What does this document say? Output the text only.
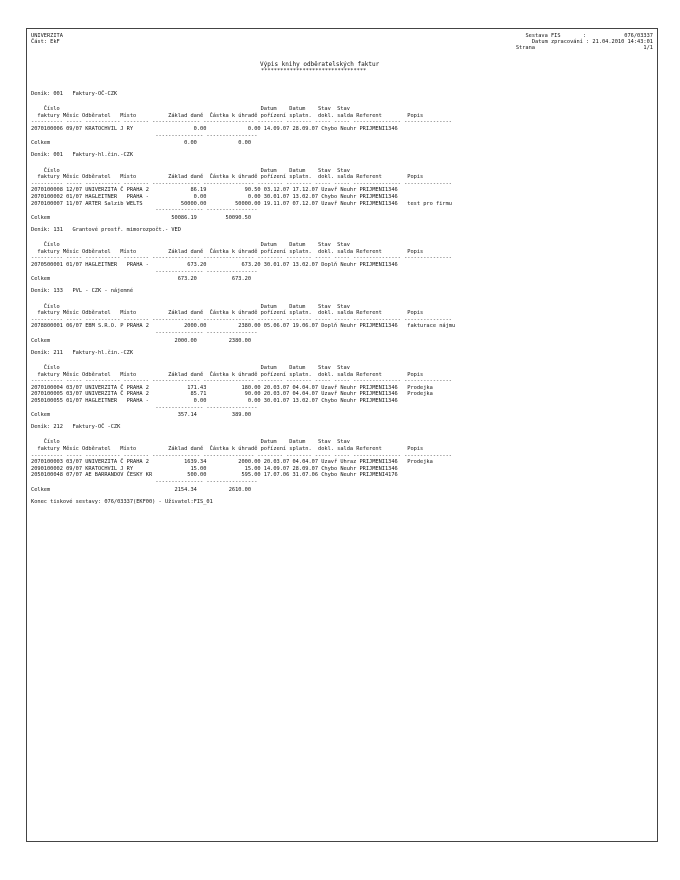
UNIVERZITA
Část: EkF
Sestava FIS       :            076/03337
Datum zpracování : 21.04.2010 14:43:01
Strana                                  1/1
Výpis knihy odběratelských faktur
*********************************
Deník: 001   Faktury-OČ-CZK
Číslo                                                               Datum    Datum    Stav  Stav
faktury Měsíc Odběratel   Místo          Základ daně  Částka k úhradě pořízení splatn.  dokl. salda Referent        Popis
---------- ----- ----------- -------- --------------- ---------------- -------- -------- ----- ----- --------------- ---------------
2070100006 09/07 KRATOCHVIL J RY                   0.00             0.00 14.09.07 28.09.07 Chybo Neuhr PRIJMENI1346
--------------- ----------------
Celkem                                          0.00             0.00
Deník: 001   Faktury-hl.čin.-CZK
Číslo                                                               Datum    Datum    Stav  Stav
faktury Měsíc Odběratel   Místo          Základ daně  Částka k úhradě pořízení splatn.  dokl. salda Referent        Popis
---------- ----- ----------- -------- --------------- ---------------- -------- -------- ----- ----- --------------- ---------------
2070100008 12/07 UNIVERZITA Č PRAHA 2             86.19            90.50 03.12.07 17.12.07 Uzavř Neuhr PRIJMENI1346
2070100002 01/07 HAGLEITNER   PRAHA -              0.00             0.00 30.01.07 13.02.07 Chybo Neuhr PRIJMENI1346
2070100007 11/07 ARTER Salzib WELTS            50000.00         50000.00 19.11.07 07.12.07 Uzavř Neuhr PRIJMENI1346   test pro firmu
--------------- ----------------
Celkem                                      50086.19         50090.50
Deník: 131   Grantové prostř. mimorozpočt.- VED
Číslo                                                               Datum    Datum    Stav  Stav
faktury Měsíc Odběratel   Místo          Základ daně  Částka k úhradě pořízení splatn.  dokl. salda Referent        Popis
---------- ----- ----------- -------- --------------- ---------------- -------- -------- ----- ----- --------------- ---------------
2070500001 01/07 HAGLEITNER   PRAHA -            673.20           673.20 30.01.07 13.02.07 Doplň Neuhr PRIJMENI1346
--------------- ----------------
Celkem                                        673.20           673.20
Deník: 133   PVL - CZK - nájemné
Číslo                                                               Datum    Datum    Stav  Stav
faktury Měsíc Odběratel   Místo          Základ daně  Částka k úhradě pořízení splatn.  dokl. salda Referent        Popis
---------- ----- ----------- -------- --------------- ---------------- -------- -------- ----- ----- --------------- ---------------
2078800001 06/07 EBM S.R.O. P PRAHA 2           2000.00          2380.00 05.06.07 19.06.07 Doplň Neuhr PRIJMENI1346   fakturace nájmu
--------------- ----------------
Celkem                                       2000.00          2380.00
Deník: 211   Faktury-hl.čin.-CZK
Číslo                                                               Datum    Datum    Stav  Stav
faktury Měsíc Odběratel   Místo          Základ daně  Částka k úhradě pořízení splatn.  dokl. salda Referent        Popis
---------- ----- ----------- -------- --------------- ---------------- -------- -------- ----- ----- --------------- ---------------
2070100004 03/07 UNIVERZITA Č PRAHA 2            171.43           180.00 20.03.07 04.04.07 Uzavř Neuhr PRIJMENI1346   Prodejka
2070100005 03/07 UNIVERZITA Č PRAHA 2             85.71            90.00 20.03.07 04.04.07 Uzavř Neuhr PRIJMENI1346   Prodejka
2050100055 01/07 HAGLEITNER   PRAHA -              0.00             0.00 30.01.07 13.02.07 Chybo Neuhr PRIJMENI1346
--------------- ----------------
Celkem                                        357.14           389.00
Deník: 212   Faktury-OČ -CZK
Číslo                                                               Datum    Datum    Stav  Stav
faktury Měsíc Odběratel   Místo          Základ daně  Částka k úhradě pořízení splatn.  dokl. salda Referent        Popis
---------- ----- ----------- -------- --------------- ---------------- -------- -------- ----- ----- --------------- ---------------
2070100003 03/07 UNIVERZITA Č PRAHA 2           1639.34          2000.00 20.03.07 04.04.07 Uzavř Uhraz PRIJMENI1346   Prodejka
2090100002 09/07 KRATOCHVIL J RY                  15.00            15.00 14.09.07 28.09.07 Chybo Neuhr PRIJMENI1346
2050100048 07/07 AE BARRANDOV ČESKY KR           500.00           595.00 17.07.06 31.07.06 Chybo Neuhr PRIJMENI4176
--------------- ----------------
Celkem                                       2154.34          2610.00
Konec tiskové sestavy: 076/03337(EKF00) - Uživatel:FIS_01
